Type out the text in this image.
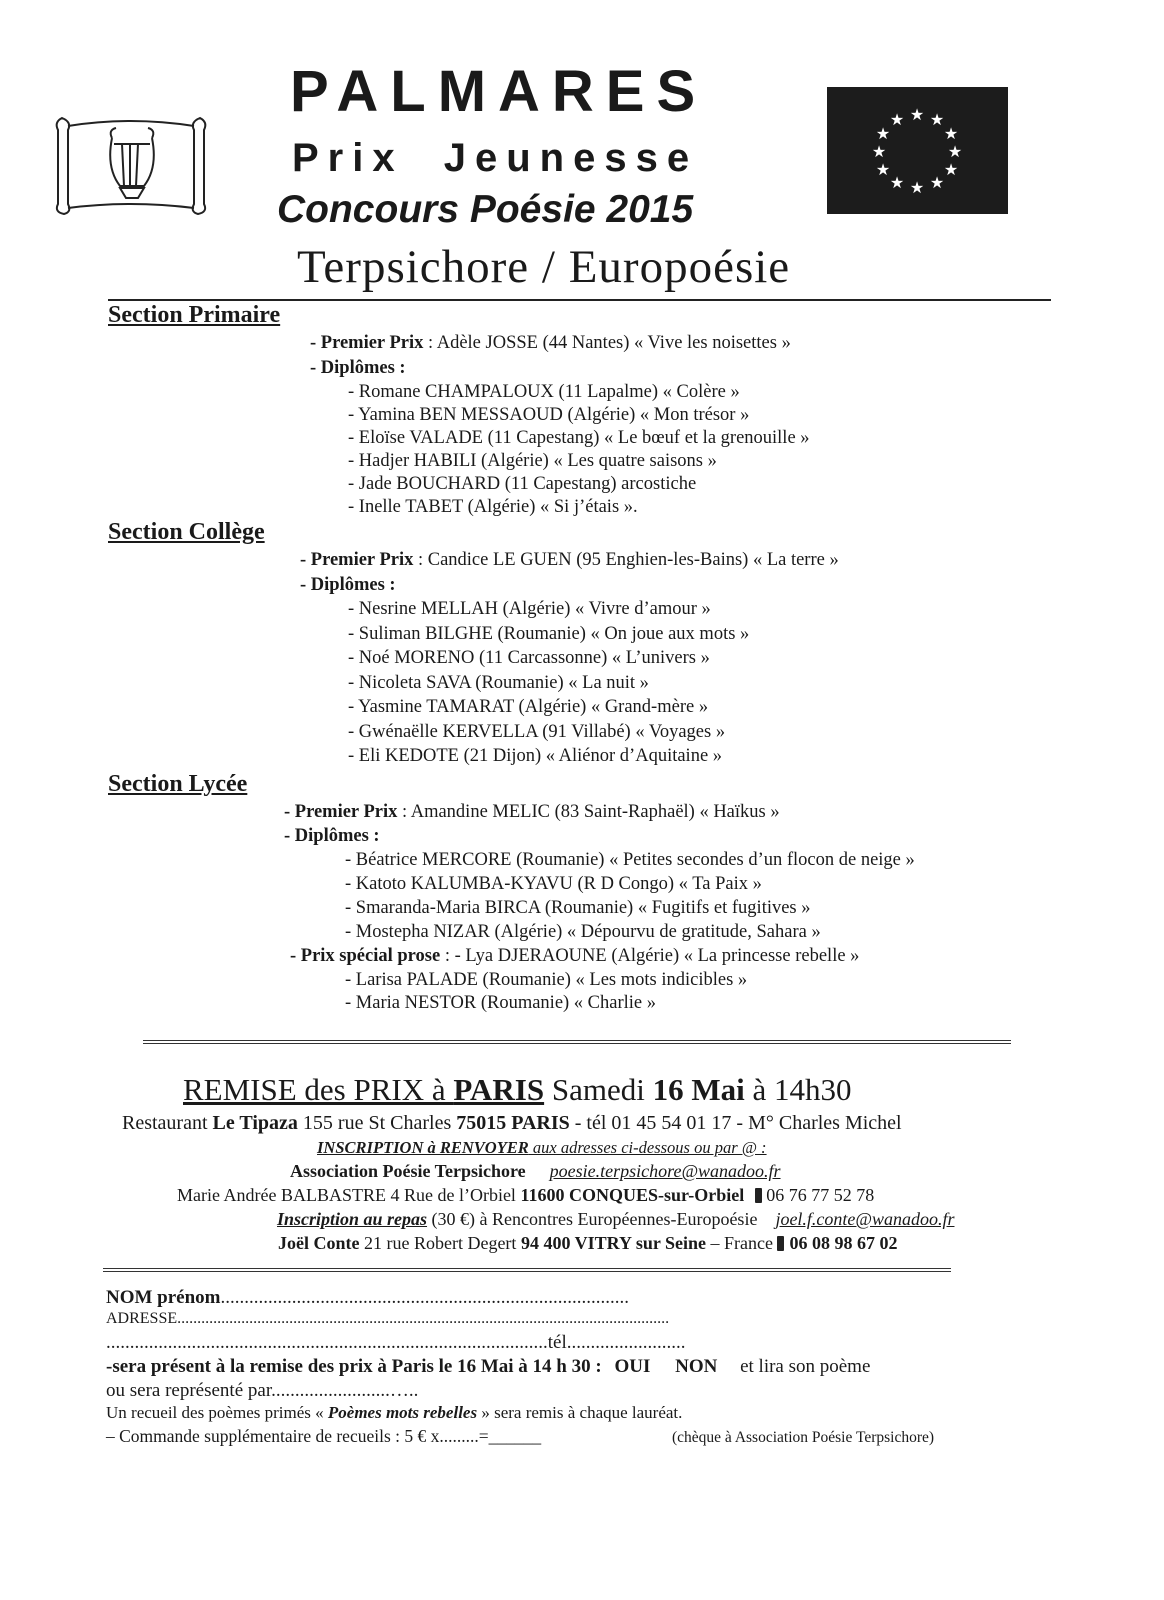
PALMARES
Prix Jeunesse
Concours Poésie 2015
Terpsichore / Europoésie
★ ★
★
★
★
★
★
★
★
★
★
★
Section Primaire
- Premier Prix : Adèle JOSSE (44 Nantes) « Vive les noisettes »
- Diplômes :
- Romane CHAMPALOUX (11 Lapalme) « Colère »
- Yamina BEN MESSAOUD (Algérie) « Mon trésor »
- Eloïse VALADE (11 Capestang) « Le bœuf et la grenouille »
- Hadjer HABILI (Algérie) « Les quatre saisons »
- Jade BOUCHARD (11 Capestang) arcostiche
- Inelle TABET (Algérie) « Si j’étais ».
Section Collège
- Premier Prix : Candice LE GUEN (95 Enghien-les-Bains) « La terre »
- Diplômes :
- Nesrine MELLAH (Algérie) « Vivre d’amour »
- Suliman BILGHE (Roumanie) « On joue aux mots »
- Noé MORENO (11 Carcassonne) « L’univers »
- Nicoleta SAVA (Roumanie) « La nuit »
- Yasmine TAMARAT (Algérie) « Grand-mère »
- Gwénaëlle KERVELLA (91 Villabé) « Voyages »
- Eli KEDOTE (21 Dijon) « Aliénor d’Aquitaine »
Section Lycée
- Premier Prix : Amandine MELIC (83 Saint-Raphaël) « Haïkus »
- Diplômes :
- Béatrice MERCORE (Roumanie) « Petites secondes d’un flocon de neige »
- Katoto KALUMBA-KYAVU (R D Congo) « Ta Paix »
- Smaranda-Maria BIRCA (Roumanie) « Fugitifs et fugitives »
- Mostepha NIZAR (Algérie) « Dépourvu de gratitude, Sahara »
- Prix spécial prose : - Lya DJERAOUNE (Algérie) « La princesse rebelle »
- Larisa PALADE (Roumanie) « Les mots indicibles »
- Maria NESTOR (Roumanie) « Charlie »
REMISE des PRIX à PARIS Samedi 16 Mai à 14h30
Restaurant Le Tipaza 155 rue St Charles 75015 PARIS - tél 01 45 54 01 17 - M° Charles Michel
INSCRIPTION à RENVOYER aux adresses ci-dessous ou par @ :
Association Poésie Terpsichore poesie.terpsichore@wanadoo.fr
Marie Andrée BALBASTRE 4 Rue de l’Orbiel 11600 CONQUES-sur-Orbiel  06 76 77 52 78
Inscription au repas (30 €) à Rencontres Européennes-Europoésie joel.f.conte@wanadoo.fr
Joël Conte 21 rue Robert Degert 94 400 VITRY sur Seine – France 06 08 98 67 02
NOM prénom......................................................................................
ADRESSE...........................................................................................................................
.............................................................................................tél.........................
-sera présent à la remise des prix à Paris le 16 Mai à 14 h 30 : OUI NON et lira son poème
ou sera représenté par.........................…..
Un recueil des poèmes primés « Poèmes mots rebelles » sera remis à chaque lauréat.
– Commande supplémentaire de recueils : 5 € x.........=______	(chèque à Association Poésie Terpsichore)
